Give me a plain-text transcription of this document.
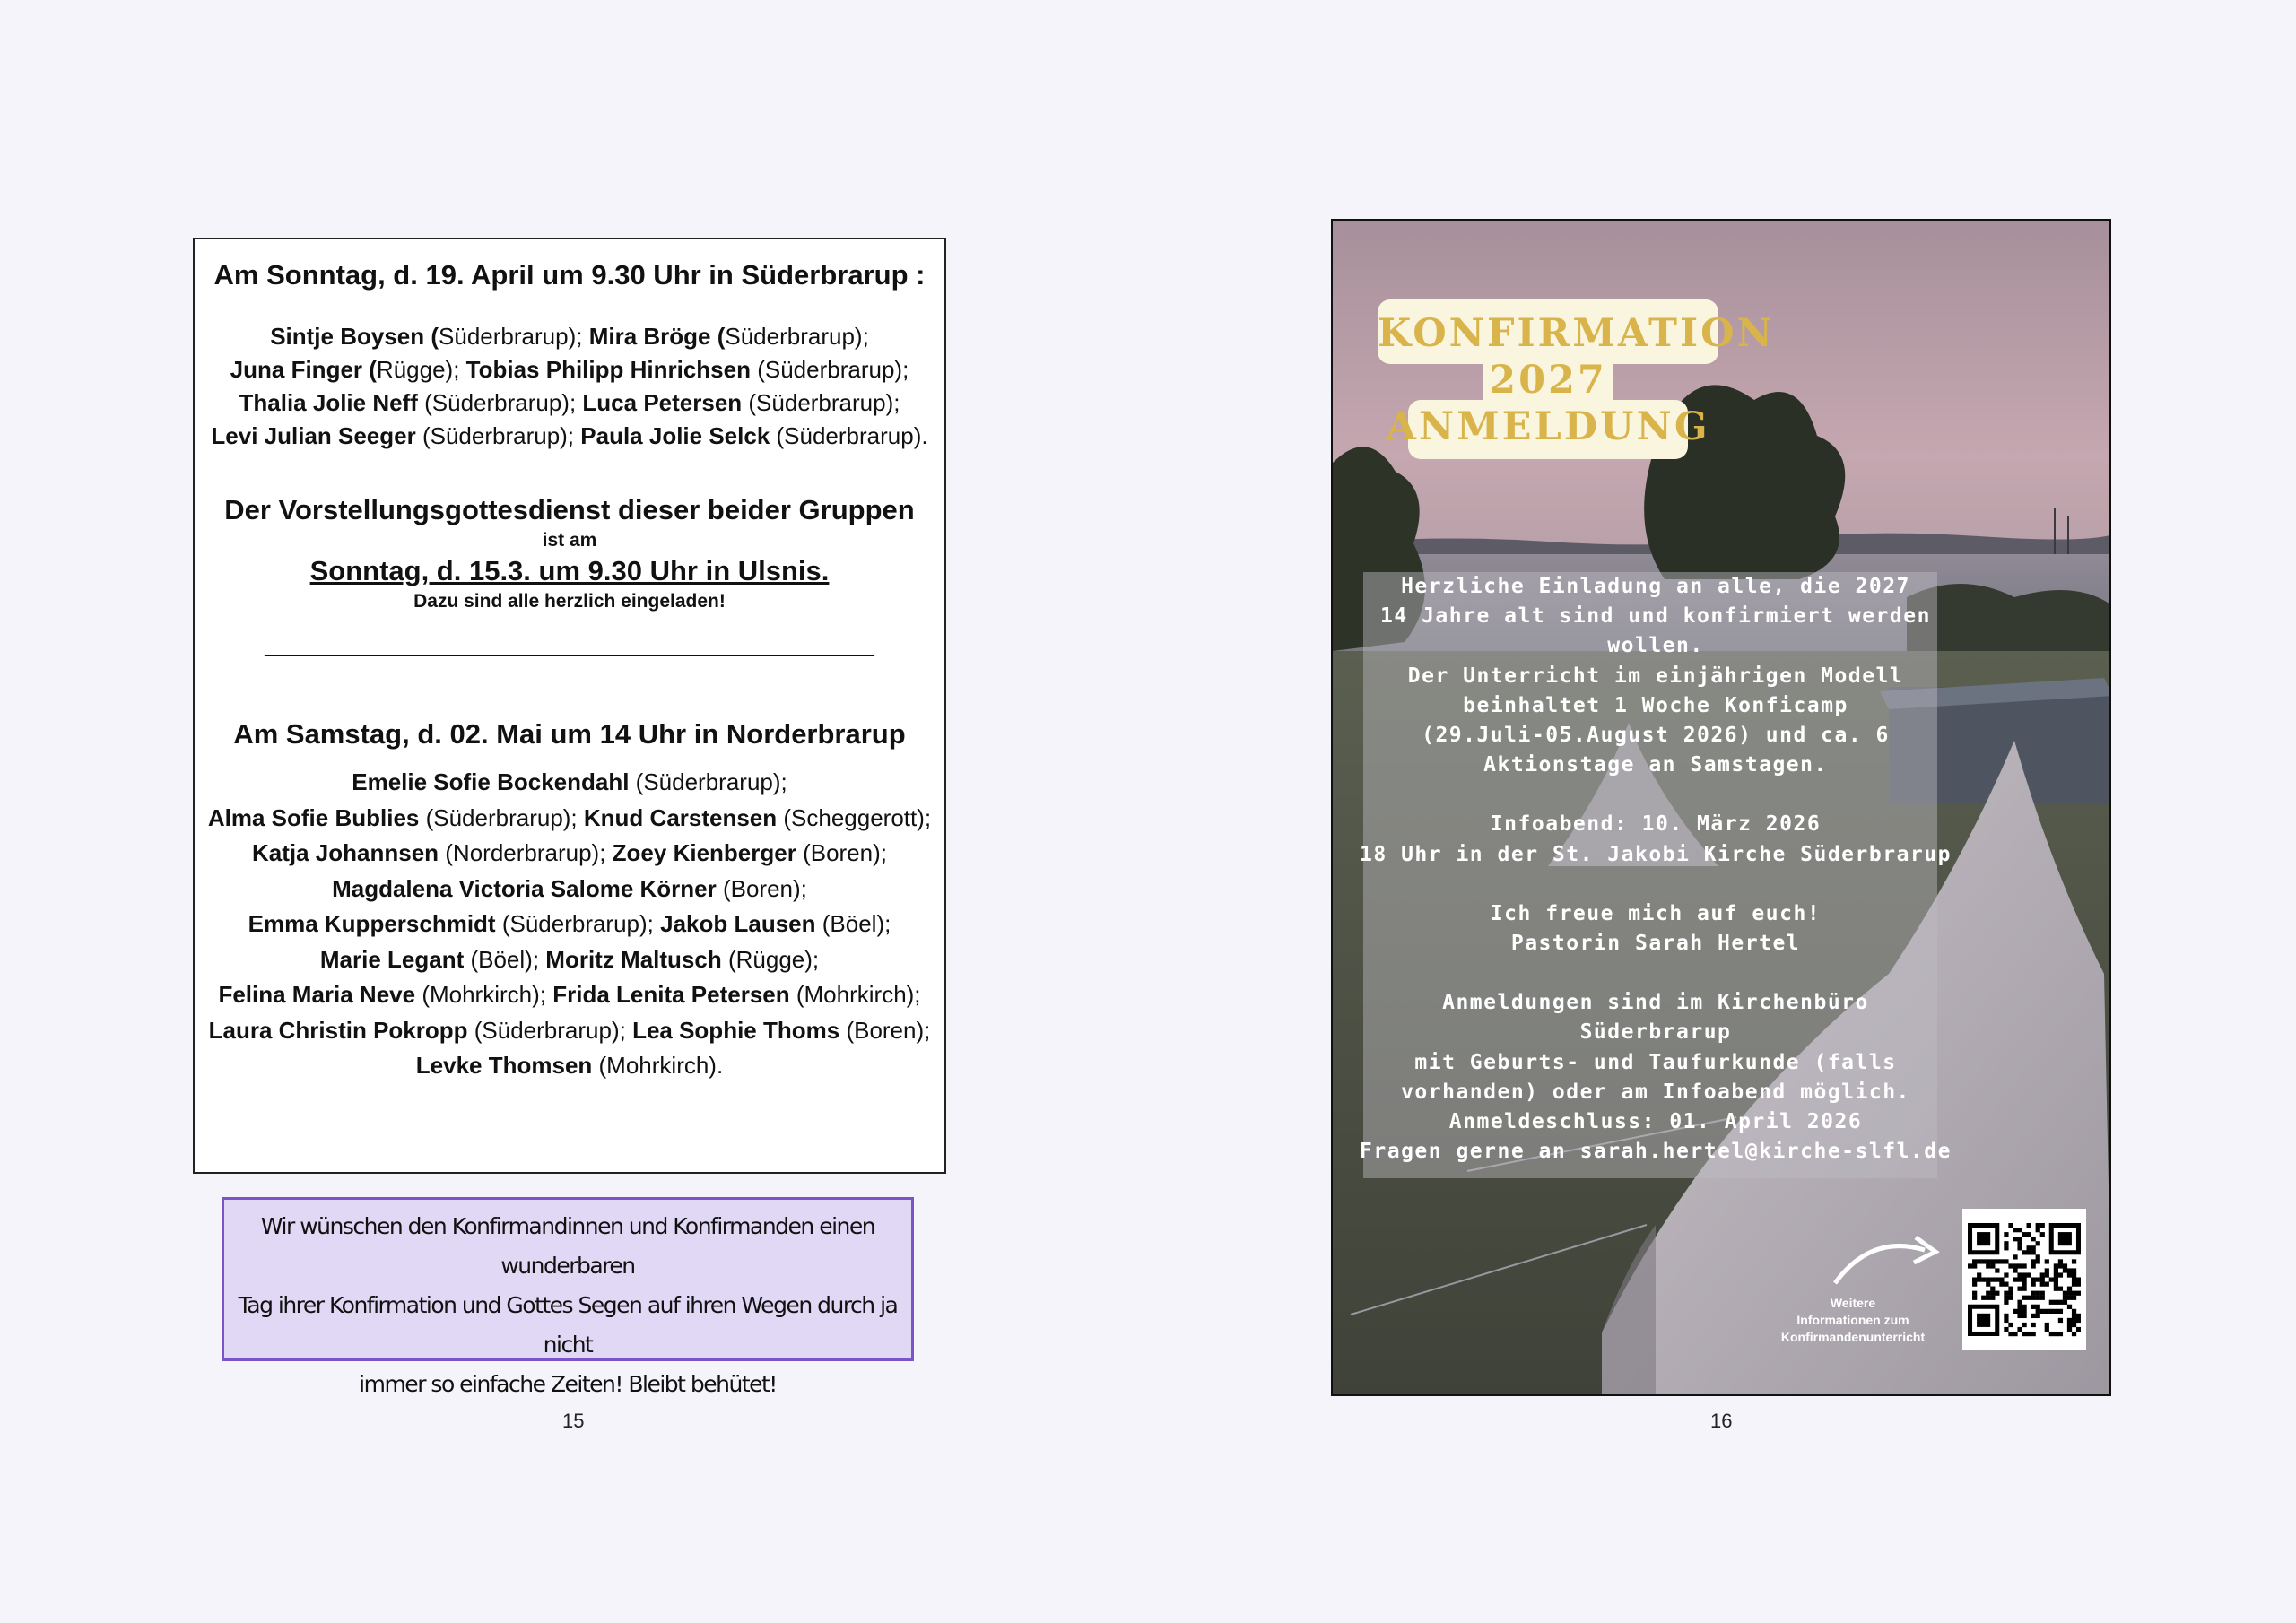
Am Sonntag, d. 19. April um 9.30 Uhr in Süderbrarup :
Sintje Boysen (Süderbrarup); Mira Bröge (Süderbrarup);
Juna Finger (Rügge); Tobias Philipp Hinrichsen (Süderbrarup);
Thalia Jolie Neff (Süderbrarup); Luca Petersen (Süderbrarup);
Levi Julian Seeger (Süderbrarup); Paula Jolie Selck (Süderbrarup).
Der Vorstellungsgottesdienst dieser beider Gruppen
ist am
Sonntag, d. 15.3. um 9.30 Uhr in Ulsnis.
Dazu sind alle herzlich eingeladen!
_______________________________________________
Am Samstag, d. 02. Mai um 14 Uhr in Norderbrarup
Emelie Sofie Bockendahl (Süderbrarup);
Alma Sofie Bublies (Süderbrarup); Knud Carstensen (Scheggerott);
Katja Johannsen (Norderbrarup); Zoey Kienberger (Boren);
Magdalena Victoria Salome Körner (Boren);
Emma Kupperschmidt (Süderbrarup); Jakob Lausen (Böel);
Marie Legant (Böel); Moritz Maltusch (Rügge);
Felina Maria Neve (Mohrkirch); Frida Lenita Petersen (Mohrkirch);
Laura Christin Pokropp (Süderbrarup); Lea Sophie Thoms (Boren);
Levke Thomsen (Mohrkirch).
Wir wünschen den Konfirmandinnen und Konfirmanden einen wunderbaren
Tag ihrer Konfirmation und Gottes Segen auf ihren Wegen durch ja nicht
immer so einfache Zeiten! Bleibt behütet!
15
KONFIRMATION
2027
ANMELDUNG
Herzliche Einladung an alle, die 2027
14 Jahre alt sind und konfirmiert werden
wollen.
Der Unterricht im einjährigen Modell
beinhaltet 1 Woche Konficamp
(29.Juli-05.August 2026) und ca. 6
Aktionstage an Samstagen.
Infoabend: 10. März 2026
18 Uhr in der St. Jakobi Kirche Süderbrarup
Ich freue mich auf euch!
Pastorin Sarah Hertel
Anmeldungen sind im Kirchenbüro
Süderbrarup
mit Geburts- und Taufurkunde (falls
vorhanden) oder am Infoabend möglich.
Anmeldeschluss: 01. April 2026
Fragen gerne an sarah.hertel@kirche-slfl.de
Weitere
Informationen zum
Konfirmandenunterricht
16
